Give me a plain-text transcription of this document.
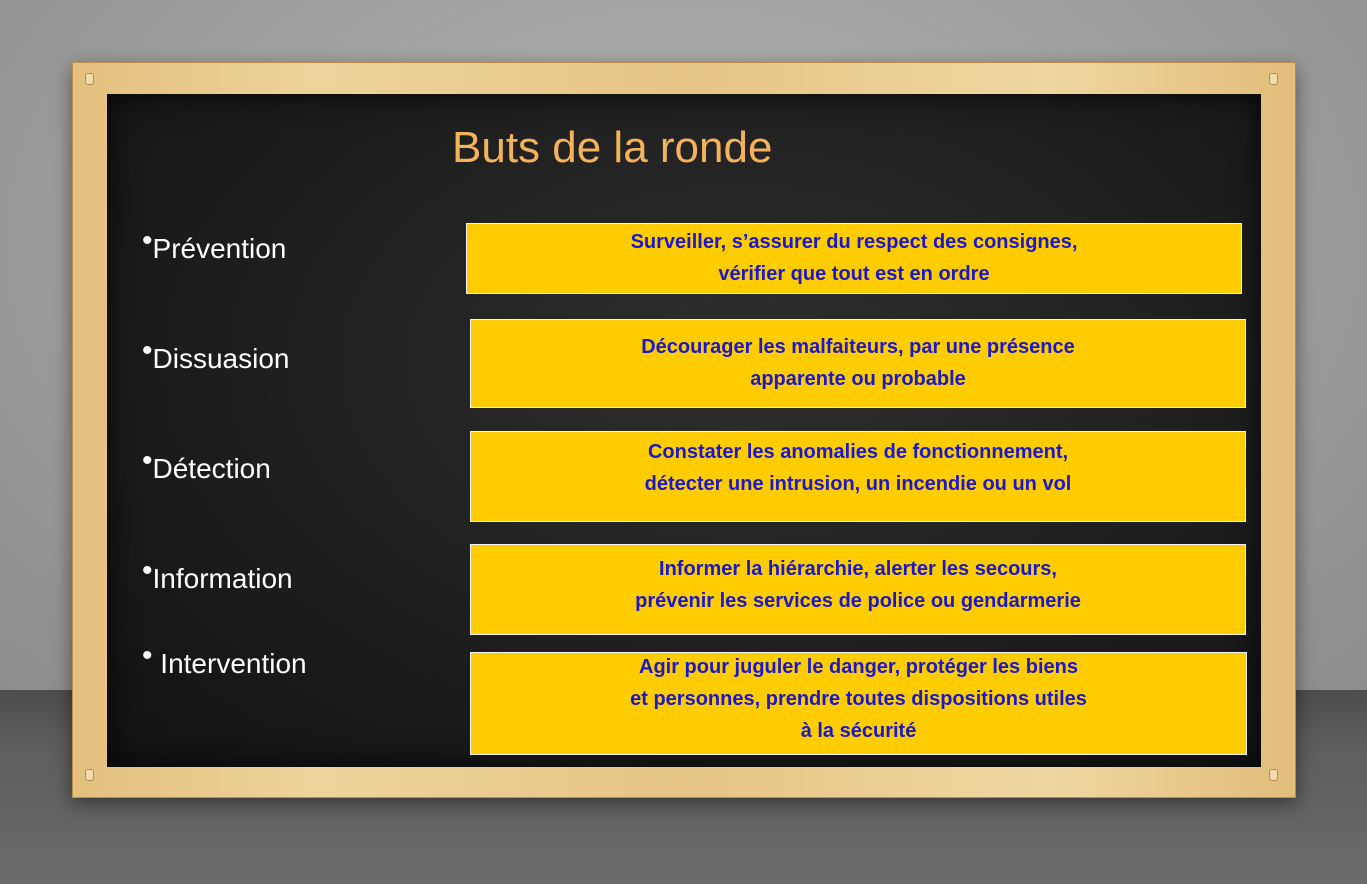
Buts de la ronde
•Prévention
•Dissuasion
•Détection
•Information
• Intervention
Surveiller, s’assurer du respect des consignes,
vérifier que tout est en ordre
Décourager les malfaiteurs, par une présence
apparente ou probable
Constater les anomalies de fonctionnement,
détecter une intrusion, un incendie ou un vol
Informer la hiérarchie, alerter les secours,
prévenir les services de police ou gendarmerie
Agir pour juguler le danger, protéger les biens
et personnes, prendre toutes dispositions utiles
à la sécurité
